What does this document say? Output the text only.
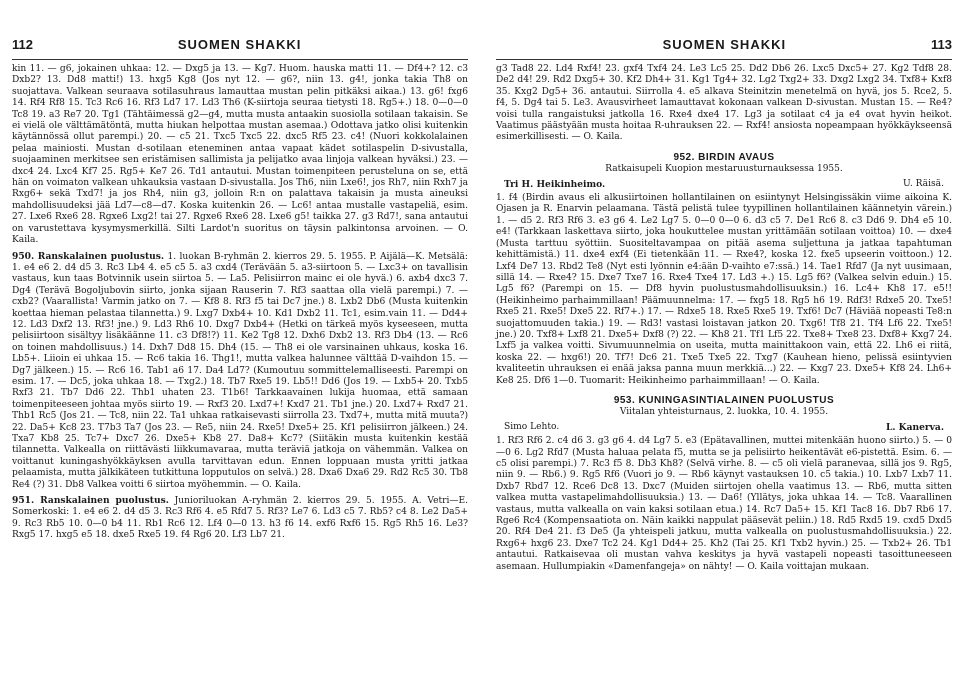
112	SUOMEN SHAKKI

kin 11. — g6, jokainen uhkaa: 12. — Dxg5 ja 13. — Kg7. Huom. hauska matti 11. — Df4+? 12. c3 Dxb2? 13. Dd8 matti!) 13. hxg5 Kg8 (Jos nyt 12. — g6?, niin 13. g4!, jonka takia Th8 on suojattava. Valkean seuraava sotilasuhraus lamauttaa mustan pelin pitkäksi aikaa.) 13. g6! fxg6 14. Rf4 Rf8 15. Tc3 Rc6 16. Rf3 Ld7 17. Ld3 Th6 (K-siirtoja seuraa tietysti 18. Rg5+.) 18. 0—0—0 Tc8 19. a3 Re7 20. Tg1 (Tähtäimessä g2—g4, mutta musta antaakin suosiolla sotilaan takaisin. Se ei vielä ole välttämätöntä, mutta hiukan helpottaa mustan asemaa.) Odottava jatko olisi kuitenkin käytännössä ollut parempi.) 20. — c5 21. Txc5 Txc5 22. dxc5 Rf5 23. c4! (Nuori kokkolalainen pelaa mainiosti. Mustan d-sotilaan eteneminen antaa vapaat kädet sotilaspelin D-sivustalla, suojaaminen merkitsee sen eristämisen sallimista ja pelijatko avaa linjoja valkean hyväksi.) 23. — dxc4 24. Lxc4 Kf7 25. Rg5+ Ke7 26. Td1 antautui. Mustan toimenpiteen perusteluna on se, että hän on voimaton valkean uhkauksia vastaan D-sivustalla. Jos Th6, niin Lxe6!, jos Rh7, niin Rxh7 ja Rxg6+ sekä Txd7! ja jos Rh4, niin g3, jolloin R:n on palattava takaisin ja musta aineuksi mahdollisuudeksi jää Ld7—c8—d7. Koska kuitenkin 26. — Lc6! antaa mustalle vastapeliä, esim. 27. Lxe6 Rxe6 28. Rgxe6 Lxg2! tai 27. Rgxe6 Rxe6 28. Lxe6 g5! taikka 27. g3 Rd7!, sana antautui on varustettava kysymysmerkillä. Silti Lardot'n suoritus on täysin palkintonsa arvoinen. — O. Kaila.

950. Ranskalainen puolustus. 1. luokan B-ryhmän 2. kierros 29. 5. 1955. P. Aijälä—K. Metsälä: 1. e4 e6 2. d4 d5 3. Rc3 Lb4 4. e5 c5 5. a3 cxd4 (Terävään 5. a3-siirtoon 5. — Lxc3+ on tavallisin vastaus, kun taas Botvinnik usein siirtoa 5. — La5. Pelisiirron mainc ei ole hyvä.) 6. axb4 dxc3 7. Dg4 (Terävä Bogoljubovin siirto, jonka sijaan Rauserin 7. Rf3 saattaa olla vielä parempi.) 7. — cxb2? (Vaarallista! Varmin jatko on 7. — Kf8 8. Rf3 f5 tai Dc7 jne.) 8. Lxb2 Db6 (Musta kuitenkin koettaa hieman pelastaa tilannetta.) 9. Lxg7 Dxb4+ 10. Kd1 Dxb2 11. Tc1, esim.vain 11. — Dd4+ 12. Ld3 Dxf2 13. Rf3! jne.) 9. Ld3 Rh6 10. Dxg7 Dxb4+ (Hetki on tärkeä myös kyseeseen, mutta pelisiirtoon sisältyy lisäkäänne 11. c3 Df8!?) 11. Ke2 Tg8 12. Dxh6 Dxb2 13. Rf3 Db4 (13. — Rc6 on toinen mahdollisuus.) 14. Dxh7 Dd8 15. Dh4 (15. — Th8 ei ole varsinainen uhkaus, koska 16. Lb5+. Liioin ei uhkaa 15. — Rc6 takia 16. Thg1!, mutta valkea halunnee välttää D-vaihdon 15. — Dg7 jälkeen.) 15. — Rc6 16. Tab1 a6 17. Da4 Ld7? (Kumoutuu sommittelemalliseesti. Parempi on esim. 17. — Dc5, joka uhkaa 18. — Txg2.) 18. Tb7 Rxe5 19. Lb5!! Dd6 (Jos 19. — Lxb5+ 20. Txb5 Rxf3 21. Tb7 Dd6 22. Thb1 uhaten 23. T1b6! Tarkkaavainen lukija huomaa, että samaan toimenpiteeseen johtaa myös siirto 19. — Rxf3 20. Lxd7+! Kxd7 21. Tb1 jne.) 20. Lxd7+ Rxd7 21. Thb1 Rc5 (Jos 21. — Tc8, niin 22. Ta1 uhkaa ratkaisevasti siirrolla 23. Txd7+, mutta mitä muuta?) 22. Da5+ Kc8 23. T7b3 Ta7 (Jos 23. — Re5, niin 24. Rxe5! Dxe5+ 25. Kf1 pelisiirron jälkeen.) 24. Txa7 Kb8 25. Tc7+ Dxc7 26. Dxe5+ Kb8 27. Da8+ Kc7? (Siitäkin musta kuitenkin kestää tilannetta. Valkealla on riittävästi liikkumavaraa, mutta teräviä jatkoja on vähemmän. Valkea on voittanut kuningashyökkäyksen avulla tarvittavan edun. Ennen loppuaan musta yritti jatkaa pelaamista, mutta jälkikäteen tutkittuna lopputulos on selvä.) 28. Dxa6 Dxa6 29. Rd2 Rc5 30. Tb8 Re4 (?) 31. Db8 Valkea voitti 6 siirtoa myöhemmin. — O. Kaila.

951. Ranskalainen puolustus. Junioriluokan A-ryhmän 2. kierros 29. 5. 1955. A. Vetri—E. Somerkoski: 1. e4 e6 2. d4 d5 3. Rc3 Rf6 4. e5 Rfd7 5. Rf3? Le7 6. Ld3 c5 7. Rb5? c4 8. Le2 Da5+ 9. Rc3 Rb5 10. 0—0 b4 11. Rb1 Rc6 12. Lf4 0—0 13. h3 f6 14. exf6 Rxf6 15. Rg5 Rh5 16. Le3? Rxg5 17. hxg5 e5 18. dxe5 Rxe5 19. f4 Rg6 20. Lf3 Lb7 21.

SUOMEN SHAKKI	113

g3 Tad8 22. Ld4 Rxf4! 23. gxf4 Txf4 24. Le3 Lc5 25. Dd2 Db6 26. Lxc5 Dxc5+ 27. Kg2 Tdf8 28. De2 d4! 29. Rd2 Dxg5+ 30. Kf2 Dh4+ 31. Kg1 Tg4+ 32. Lg2 Txg2+ 33. Dxg2 Lxg2 34. Txf8+ Kxf8 35. Kxg2 Dg5+ 36. antautui. Siirrolla 4. e5 alkava Steinitzin menetelmä on hyvä, jos 5. Rce2, 5. f4, 5. Dg4 tai 5. Le3. Avausvirheet lamauttavat kokonaan valkean D-sivustan. Mustan 15. — Re4? voisi tulla rangaistuksi jatkolla 16. Rxe4 dxe4 17. Lg3 ja sotilaat c4 ja e4 ovat hyvin heikot. Vaatimus päästyään musta hoitaa R-uhrauksen 22. — Rxf4! ansiosta nopeampaan hyökkäykseensä esimerkillisesti. — O. Kaila.

952. BIRDIN AVAUS
Ratkaisupeli Kuopion mestaruusturnauksessa 1955.
Tri H. Heikinheimo.	U. Räisä.

1. f4 (Birdin avaus eli alkusiirtoinen hollantilainen on esiintynyt Helsingissäkin viime aikoina K. Ojasen ja R. Enarvin pelaamana. Tästä pelistä tulee tyypillinen hollantilainen käännetyin värein.) 1. — d5 2. Rf3 Rf6 3. e3 g6 4. Le2 Lg7 5. 0—0 0—0 6. d3 c5 7. De1 Rc6 8. c3 Dd6 9. Dh4 e5 10. e4! (Tarkkaan laskettava siirto, joka houkuttelee mustan yrittämään sotilaan voittoa) 10. — dxe4 (Musta tarttuu syöttiin. Suositeltavampaa on pitää asema suljettuna ja jatkaa tapahtuman kehittämistä.) 11. dxe4 exf4 (Ei tietenkään 11. — Rxe4?, koska 12. fxe5 upseerin voittoon.) 12. Lxf4 De7 13. Rbd2 Te8 (Nyt esti lyönnin e4:ään D-vaihto e7:ssä.) 14. Tae1 Rfd7 (Ja nyt uusimaan, sillä 14. — Rxe4? 15. Dxe7 Txe7 16. Rxe4 Txe4 17. Ld3 +.) 15. Lg5 f6? (Valkea selvin eduin.) 15. Lg5 f6? (Parempi on 15. — Df8 hyvin puolustusmahdollisuuksin.) 16. Lc4+ Kh8 17. e5!! (Heikinheimo parhaimmillaan! Päämuunnelma: 17. — fxg5 18. Rg5 h6 19. Rdf3! Rdxe5 20. Txe5! Rxe5 21. Rxe5! Dxe5 22. Rf7+.) 17. — Rdxe5 18. Rxe5 Rxe5 19. Txf6! Dc7 (Häviää nopeasti Te8:n suojattomuuden takia.) 19. — Rd3! vastasi loistavan jatkon 20. Txg6! Tf8 21. Tf4 Lf6 22. Txe5! jne.) 20. Txf8+ Lxf8 21. Dxe5+ Dxf8 (?) 22. — Kh8 21. Tf1 Lf5 22. Txe8+ Txe8 23. Dxf8+ Kxg7 24. Lxf5 ja valkea voitti. Sivumuunnelmia on useita, mutta mainittakoon vain, että 22. Lh6 ei riitä, koska 22. — hxg6!) 20. Tf7! Dc6 21. Txe5 Txe5 22. Txg7 (Kauhean hieno, pelissä esiintyvien kvaliteetin uhrauksen ei enää jaksa panna muun merkkiä...) 22. — Kxg7 23. Dxe5+ Kf8 24. Lh6+ Ke8 25. Df6 1—0. Tuomarit: Heikinheimo parhaimmillaan! — O. Kaila.

953. KUNINGASINTIALAINEN PUOLUSTUS
Viitalan yhteisturnaus, 2. luokka, 10. 4. 1955.
Simo Lehto.	L. Kanerva.

1. Rf3 Rf6 2. c4 d6 3. g3 g6 4. d4 Lg7 5. e3 (Epätavallinen, muttei mitenkään huono siirto.) 5. — 0—0 6. Lg2 Rfd7 (Musta haluaa pelata f5, mutta se ja pelisiirto heikentävät e6-pistettä. Esim. 6. — c5 olisi parempi.) 7. Rc3 f5 8. Db3 Kh8? (Selvä virhe. 8. — c5 oli vielä paranevaa, sillä jos 9. Rg5, niin 9. — Rb6.) 9. Rg5 Rf6 (Vuori jo 9. — Rb6 käynyt vastauksen 10. c5 takia.) 10. Lxb7 Lxb7 11. Dxb7 Rbd7 12. Rce6 Dc8 13. Dxc7 (Muiden siirtojen ohella vaatimus 13. — Rb6, mutta sitten valkea mutta vastapelimahdollisuuksia.) 13. — Da6! (Yllätys, joka uhkaa 14. — Tc8. Vaarallinen vastaus, mutta valkealla on vain kaksi sotilaan etua.) 14. Rc7 Da5+ 15. Kf1 Tac8 16. Db7 Rb6 17. Rge6 Rc4 (Kompensaatiota on. Näin kaikki nappulat pääsevät peliin.) 18. Rd5 Rxd5 19. cxd5 Dxd5 20. Rf4 De4 21. f3 De5 (Ja yhteispeli jatkuu, mutta valkealla on puolustusmahdollisuuksia.) 22. Rxg6+ hxg6 23. Dxe7 Tc2 24. Kg1 Dd4+ 25. Kh2 (Tai 25. Kf1 Txb2 hyvin.) 25. — Txb2+ 26. Tb1 antautui. Ratkaisevaa oli mustan vahva keskitys ja hyvä vastapeli nopeasti tasoittuneeseen asemaan. Hullumpiakin «Damenfangeja» on nähty! — O. Kaila voittajan mukaan.
